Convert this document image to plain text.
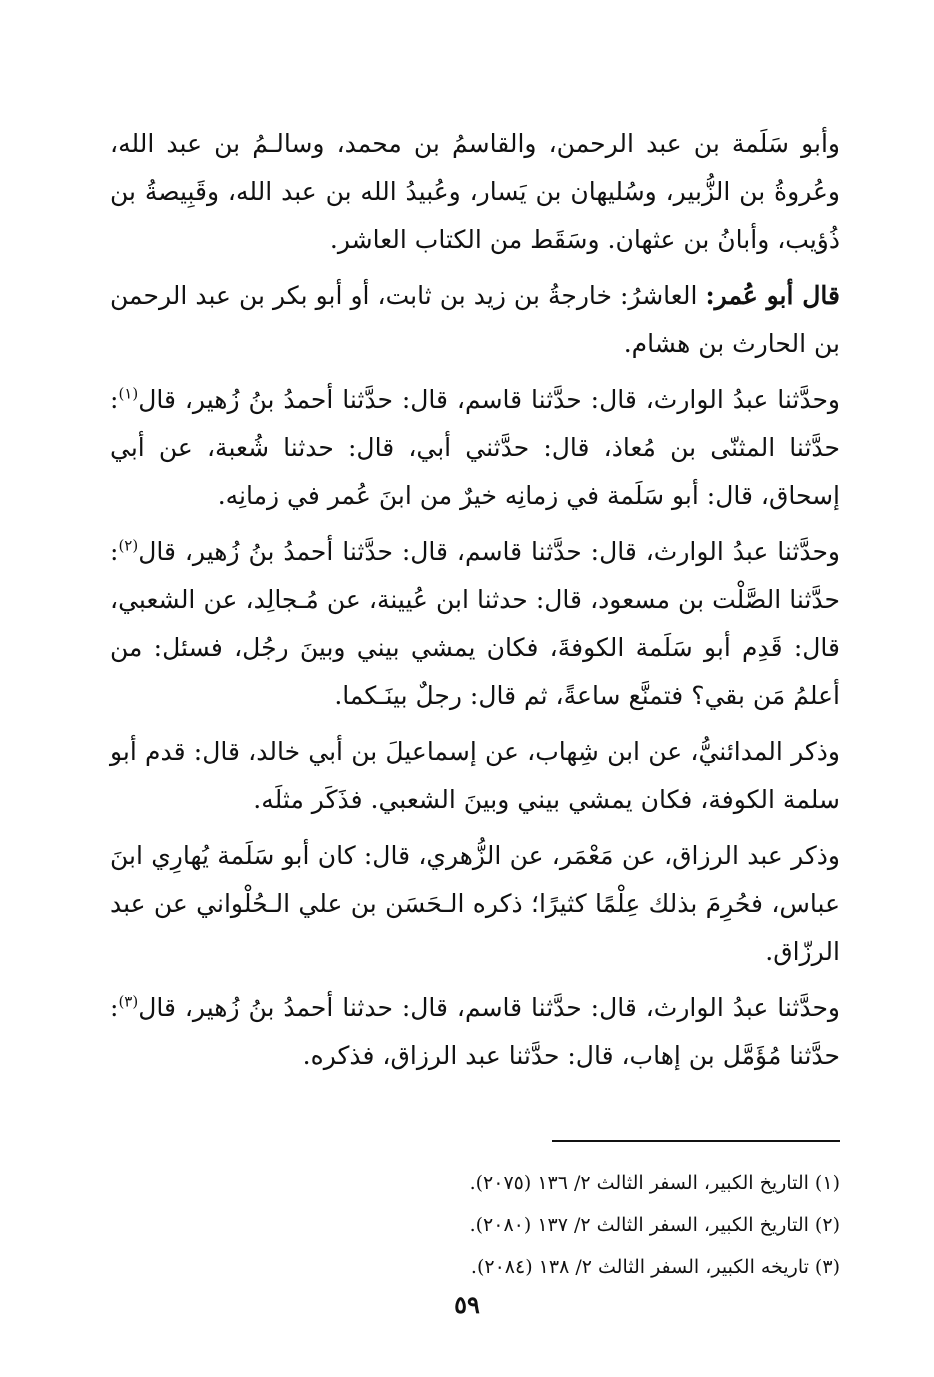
وأبو سَلَمة بن عبد الرحمن، والقاسمُ بن محمد، وسالـمُ بن عبد الله، وعُروةُ بن الزُّبير، وسُليهان بن يَسار، وعُبيدُ الله بن عبد الله، وقَبِيصةُ بن ذُؤيب، وأبانُ بن عثهان. وسَقَط من الكتاب العاشر.

قال أبو عُمر: العاشرُ: خارجةُ بن زيد بن ثابت، أو أبو بكر بن عبد الرحمن بن الحارث بن هشام.

وحدَّثنا عبدُ الوارث، قال: حدَّثنا قاسم، قال: حدَّثنا أحمدُ بنُ زُهير، قال$^{(١)}$: حدَّثنا المثنّى بن مُعاذ، قال: حدَّثني أبي، قال: حدثنا شُعبة، عن أبي إسحاق، قال: أبو سَلَمة في زمانِه خيرٌ من ابنَ عُمر في زمانِه.

وحدَّثنا عبدُ الوارث، قال: حدَّثنا قاسم، قال: حدَّثنا أحمدُ بنُ زُهير، قال$^{(٢)}$: حدَّثنا الصَّلْت بن مسعود، قال: حدثنا ابن عُيينة، عن مُـجالِد، عن الشعبي، قال: قَدِم أبو سَلَمة الكوفةَ، فكان يمشي بيني وبينَ رجُل، فسئل: من أعلمُ مَن بقي؟ فتمنَّع ساعةً، ثم قال: رجلٌ بينَـكما.

وذكر المدائنيُّ، عن ابن شِهاب، عن إسماعيلَ بن أبي خالد، قال: قدم أبو سلمة الكوفة، فكان يمشي بيني وبينَ الشعبي. فذَكَر مثلَه.

وذكر عبد الرزاق، عن مَعْمَر، عن الزُّهري، قال: كان أبو سَلَمة يُهارِي ابنَ عباس، فحُرِمَ بذلك عِلْمًا كثيرًا؛ ذكره الـحَسَن بن علي الـحُلْواني عن عبد الرزّاق.

وحدَّثنا عبدُ الوارث، قال: حدَّثنا قاسم، قال: حدثنا أحمدُ بنُ زُهير، قال$^{(٣)}$: حدَّثنا مُؤَمَّل بن إهاب، قال: حدَّثنا عبد الرزاق، فذكره.

(١) التاريخ الكبير، السفر الثالث ٢/ ١٣٦ (٢٠٧٥).
(٢) التاريخ الكبير، السفر الثالث ٢/ ١٣٧ (٢٠٨٠).
(٣) تاريخه الكبير، السفر الثالث ٢/ ١٣٨ (٢٠٨٤).
٥٩
